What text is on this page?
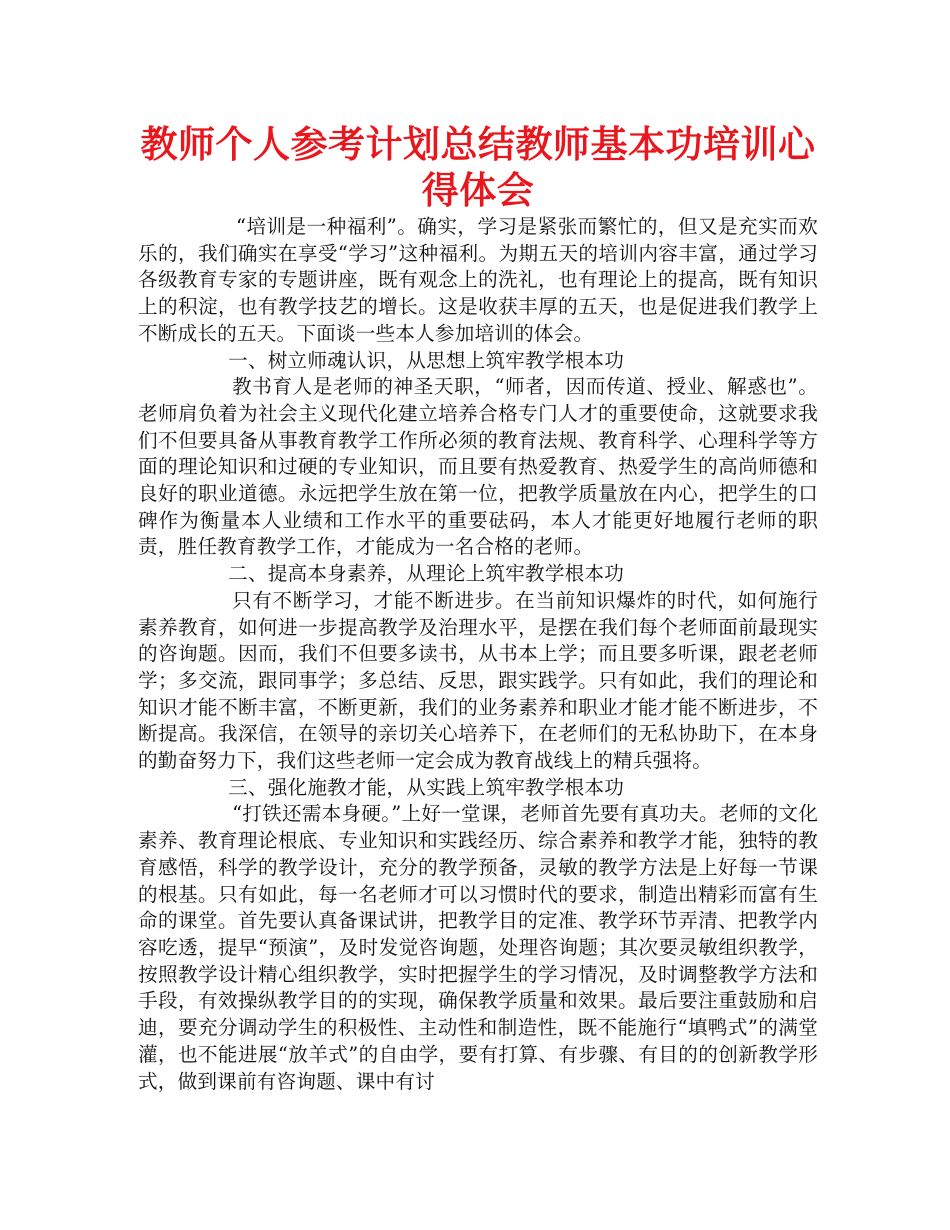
教师个人参考计划总结教师基本功培训心
得体会

“培训是一种福利”。确实，学习是紧张而繁忙的，但又是充实而欢乐的，我们确实在享受“学习”这种福利。为期五天的培训内容丰富，通过学习各级教育专家的专题讲座，既有观念上的洗礼，也有理论上的提高，既有知识上的积淀，也有教学技艺的增长。这是收获丰厚的五天，也是促进我们教学上不断成长的五天。下面谈一些本人参加培训的体会。

一、树立师魂认识，从思想上筑牢教学根本功

教书育人是老师的神圣天职，“师者，因而传道、授业、解惑也”。老师肩负着为社会主义现代化建立培养合格专门人才的重要使命，这就要求我们不但要具备从事教育教学工作所必须的教育法规、教育科学、心理科学等方面的理论知识和过硬的专业知识，而且要有热爱教育、热爱学生的高尚师德和良好的职业道德。永远把学生放在第一位，把教学质量放在内心，把学生的口碑作为衡量本人业绩和工作水平的重要砝码，本人才能更好地履行老师的职责，胜任教育教学工作，才能成为一名合格的老师。

二、提高本身素养，从理论上筑牢教学根本功

只有不断学习，才能不断进步。在当前知识爆炸的时代，如何施行素养教育，如何进一步提高教学及治理水平，是摆在我们每个老师面前最现实的咨询题。因而，我们不但要多读书，从书本上学；而且要多听课，跟老老师学；多交流，跟同事学；多总结、反思，跟实践学。只有如此，我们的理论和知识才能不断丰富，不断更新，我们的业务素养和职业才能才能不断进步，不断提高。我深信，在领导的亲切关心培养下，在老师们的无私协助下，在本身的勤奋努力下，我们这些老师一定会成为教育战线上的精兵强将。

三、强化施教才能，从实践上筑牢教学根本功

“打铁还需本身硬。”上好一堂课，老师首先要有真功夫。老师的文化素养、教育理论根底、专业知识和实践经历、综合素养和教学才能，独特的教育感悟，科学的教学设计，充分的教学预备，灵敏的教学方法是上好每一节课的根基。只有如此，每一名老师才可以习惯时代的要求，制造出精彩而富有生命的课堂。首先要认真备课试讲，把教学目的定准、教学环节弄清、把教学内容吃透，提早“预演”，及时发觉咨询题，处理咨询题；其次要灵敏组织教学，按照教学设计精心组织教学，实时把握学生的学习情况，及时调整教学方法和手段，有效操纵教学目的的实现，确保教学质量和效果。最后要注重鼓励和启迪，要充分调动学生的积极性、主动性和制造性，既不能施行“填鸭式”的满堂灌，也不能进展“放羊式”的自由学，要有打算、有步骤、有目的的创新教学形式，做到课前有咨询题、课中有讨
